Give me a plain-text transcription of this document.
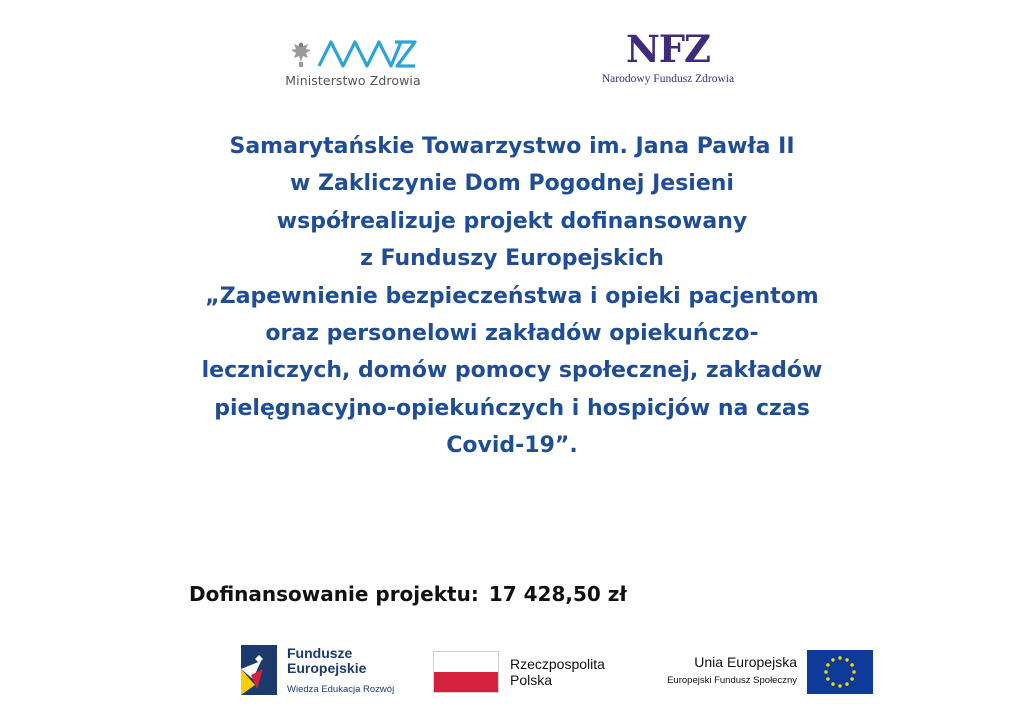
Ministerstwo Zdrowia
NFZ
Narodowy Fundusz Zdrowia
Samarytańskie Towarzystwo im. Jana Pawła II
w Zakliczynie Dom Pogodnej Jesieni
współrealizuje projekt dofinansowany
z Funduszy Europejskich
„Zapewnienie bezpieczeństwa i opieki pacjentom
oraz personelowi zakładów opiekuńczo-
leczniczych, domów pomocy społecznej, zakładów
pielęgnacyjno-opiekuńczych i hospicjów na czas
Covid-19”.
Dofinansowanie projektu: 17 428,50 zł
Fundusze
Europejskie
Wiedza Edukacja Rozwój
Rzeczpospolita
Polska
Unia Europejska
Europejski Fundusz Społeczny
